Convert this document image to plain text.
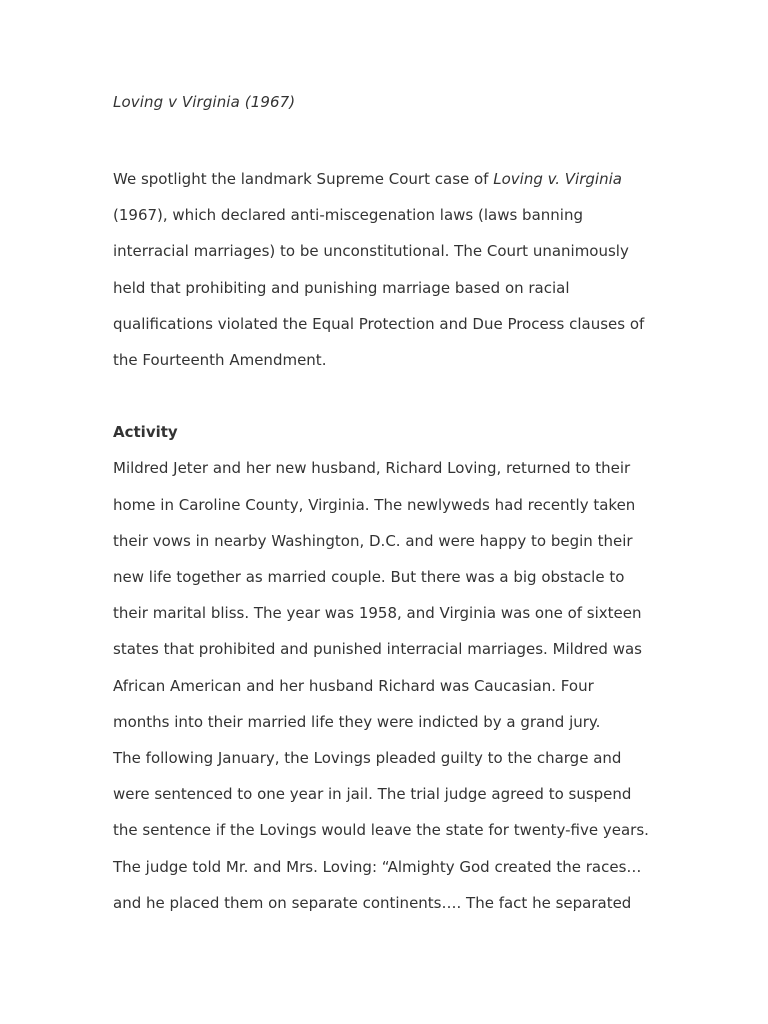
Loving v Virginia (1967)

We spotlight the landmark Supreme Court case of Loving v. Virginia
(1967), which declared anti-miscegenation laws (laws banning
interracial marriages) to be unconstitutional. The Court unanimously
held that prohibiting and punishing marriage based on racial
qualifications violated the Equal Protection and Due Process clauses of
the Fourteenth Amendment.

Activity

Mildred Jeter and her new husband, Richard Loving, returned to their
home in Caroline County, Virginia. The newlyweds had recently taken
their vows in nearby Washington, D.C. and were happy to begin their
new life together as married couple. But there was a big obstacle to
their marital bliss. The year was 1958, and Virginia was one of sixteen
states that prohibited and punished interracial marriages. Mildred was
African American and her husband Richard was Caucasian. Four
months into their married life they were indicted by a grand jury.
The following January, the Lovings pleaded guilty to the charge and
were sentenced to one year in jail. The trial judge agreed to suspend
the sentence if the Lovings would leave the state for twenty-five years.
The judge told Mr. and Mrs. Loving: “Almighty God created the races…
and he placed them on separate continents…. The fact he separated
